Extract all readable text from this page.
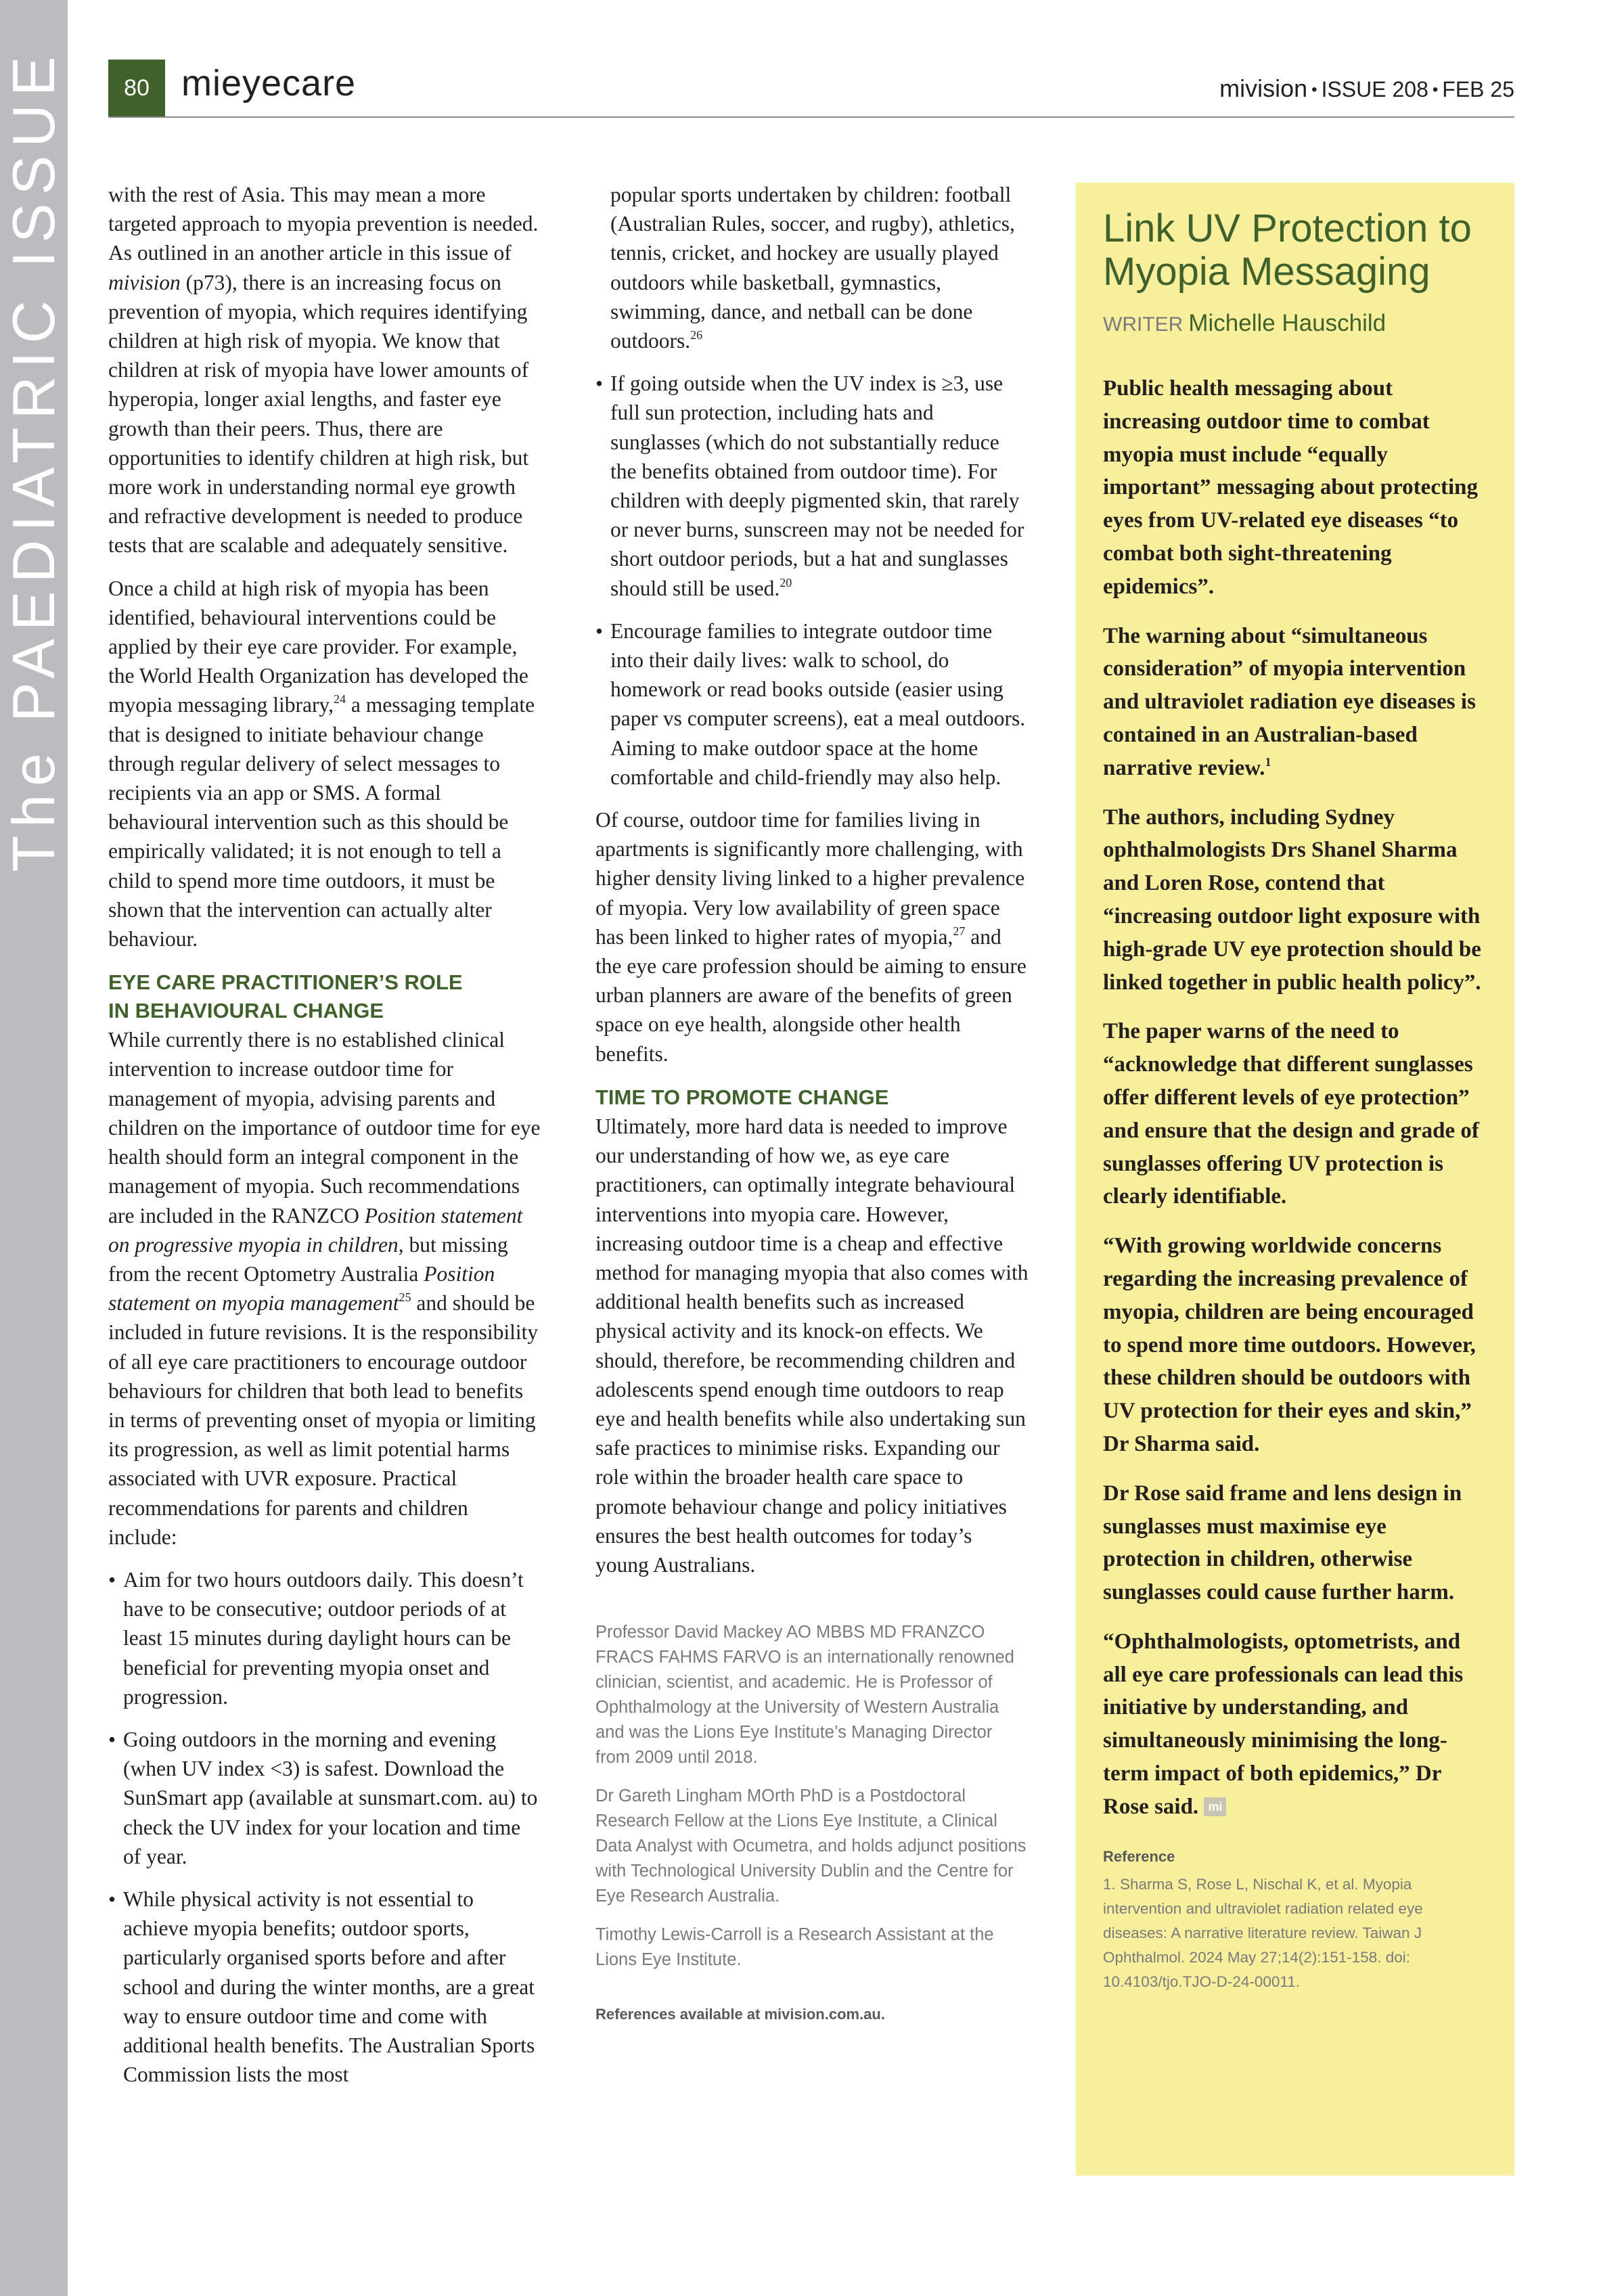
ThePAEDIATRIC ISSUE	80 mieyecare	mivision • ISSUE 208 • FEB 25

with the rest of Asia. This may mean a more targeted approach to myopia prevention is needed. As outlined in an another article in this issue of mivision (p73), there is an increasing focus on prevention of myopia, which requires identifying children at high risk of myopia. We know that children at risk of myopia have lower amounts of hyperopia, longer axial lengths, and faster eye growth than their peers. Thus, there are opportunities to identify children at high risk, but more work in understanding normal eye growth and refractive development is needed to produce tests that are scalable and adequately sensitive.

Once a child at high risk of myopia has been identified, behavioural interventions could be applied by their eye care provider. For example, the World Health Organization has developed the myopia messaging library,$^{24}$ a messaging template that is designed to initiate behaviour change through regular delivery of select messages to recipients via an app or SMS. A formal behavioural intervention such as this should be empirically validated; it is not enough to tell a child to spend more time outdoors, it must be shown that the intervention can actually alter behaviour.

EYE CARE PRACTITIONER’S ROLE
IN BEHAVIOURAL CHANGE

While currently there is no established clinical intervention to increase outdoor time for management of myopia, advising parents and children on the importance of outdoor time for eye health should form an integral component in the management of myopia. Such recommendations are included in the RANZCO Position statement on progressive myopia in children, but missing from the recent Optometry Australia Position statement on myopia management$^{25}$ and should be included in future revisions. It is the responsibility of all eye care practitioners to encourage outdoor behaviours for children that both lead to benefits in terms of preventing onset of myopia or limiting its progression, as well as limit potential harms associated with UVR exposure. Practical recommendations for parents and children include:

• Aim for two hours outdoors daily. This doesn’t have to be consecutive; outdoor periods of at least 15 minutes during daylight hours can be beneficial for preventing myopia onset and progression.
• Going outdoors in the morning and evening (when UV index <3) is safest. Download the SunSmart app (available at sunsmart.com. au) to check the UV index for your location and time of year.
• While physical activity is not essential to achieve myopia benefits; outdoor sports, particularly organised sports before and after school and during the winter months, are a great way to ensure outdoor time and come with additional health benefits. The Australian Sports Commission lists the most
popular sports undertaken by children: football (Australian Rules, soccer, and rugby), athletics, tennis, cricket, and hockey are usually played outdoors while basketball, gymnastics, swimming, dance, and netball can be done outdoors.$^{26}$
• If going outside when the UV index is ≥3, use full sun protection, including hats and sunglasses (which do not substantially reduce the benefits obtained from outdoor time). For children with deeply pigmented skin, that rarely or never burns, sunscreen may not be needed for short outdoor periods, but a hat and sunglasses should still be used.$^{20}$
• Encourage families to integrate outdoor time into their daily lives: walk to school, do homework or read books outside (easier using paper vs computer screens), eat a meal outdoors. Aiming to make outdoor space at the home comfortable and child-friendly may also help.

Of course, outdoor time for families living in apartments is significantly more challenging, with higher density living linked to a higher prevalence of myopia. Very low availability of green space has been linked to higher rates of myopia,$^{27}$ and the eye care profession should be aiming to ensure urban planners are aware of the benefits of green space on eye health, alongside other health benefits.

TIME TO PROMOTE CHANGE

Ultimately, more hard data is needed to improve our understanding of how we, as eye care practitioners, can optimally integrate behavioural interventions into myopia care. However, increasing outdoor time is a cheap and effective method for managing myopia that also comes with additional health benefits such as increased physical activity and its knock-on effects. We should, therefore, be recommending children and adolescents spend enough time outdoors to reap eye and health benefits while also undertaking sun safe practices to minimise risks. Expanding our role within the broader health care space to promote behaviour change and policy initiatives ensures the best health outcomes for today’s young Australians.

Professor David Mackey AO MBBS MD FRANZCO FRACS FAHMS FARVO is an internationally renowned clinician, scientist, and academic. He is Professor of Ophthalmology at the University of Western Australia and was the Lions Eye Institute’s Managing Director from 2009 until 2018.

Dr Gareth Lingham MOrth PhD is a Postdoctoral Research Fellow at the Lions Eye Institute, a Clinical Data Analyst with Ocumetra, and holds adjunct positions with Technological University Dublin and the Centre for Eye Research Australia.

Timothy Lewis-Carroll is a Research Assistant at the Lions Eye Institute.

References available at mivision.com.au.
Link UV Protection to
Myopia Messaging
WRITER Michelle Hauschild

Public health messaging about increasing outdoor time to combat myopia must include “equally important” messaging about protecting eyes from UV-related eye diseases “to combat both sight-threatening epidemics”.

The warning about “simultaneous consideration” of myopia intervention and ultraviolet radiation eye diseases is contained in an Australian-based narrative review.$^1$

The authors, including Sydney ophthalmologists Drs Shanel Sharma and Loren Rose, contend that “increasing outdoor light exposure with high-grade UV eye protection should be linked together in public health policy”.

The paper warns of the need to “acknowledge that different sunglasses offer different levels of eye protection” and ensure that the design and grade of sunglasses offering UV protection is clearly identifiable.

“With growing worldwide concerns regarding the increasing prevalence of myopia, children are being encouraged to spend more time outdoors. However, these children should be outdoors with UV protection for their eyes and skin,” Dr Sharma said.

Dr Rose said frame and lens design in sunglasses must maximise eye protection in children, otherwise sunglasses could cause further harm.

“Ophthalmologists, optometrists, and all eye care professionals can lead this initiative by understanding, and simultaneously minimising the long-term impact of both epidemics,” Dr Rose said. mi

Reference

1. Sharma S, Rose L, Nischal K, et al. Myopia intervention and ultraviolet radiation related eye diseases: A narrative literature review. Taiwan J Ophthalmol. 2024 May 27;14(2):151-158. doi: 10.4103/tjo.TJO-D-24-00011.
